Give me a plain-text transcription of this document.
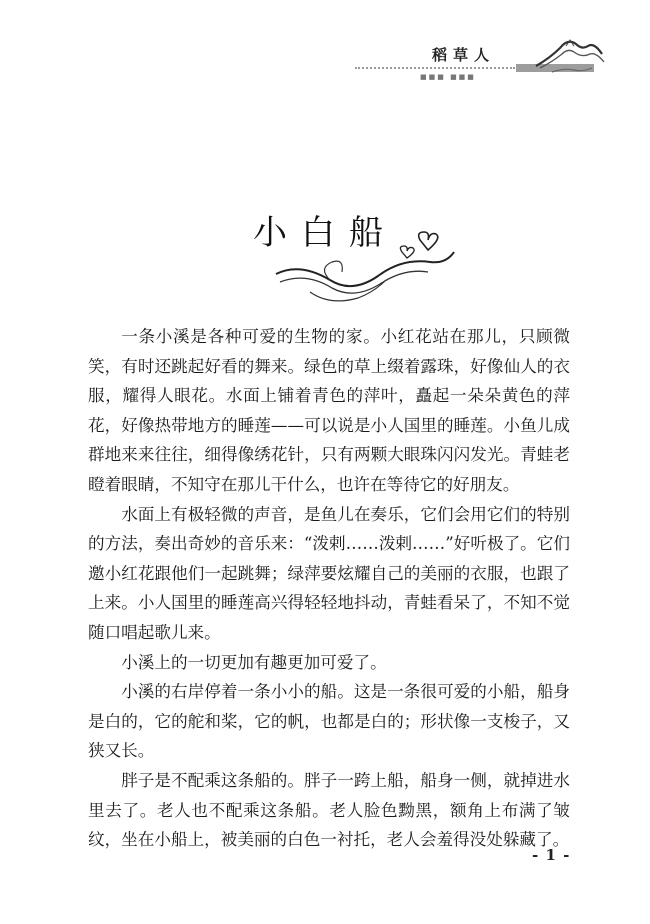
稻草人
■■■ ■■■
小白船

一条小溪是各种可爱的生物的家。小红花站在那儿，只顾微笑，有时还跳起好看的舞来。绿色的草上缀着露珠，好像仙人的衣服，耀得人眼花。水面上铺着青色的萍叶，矗起一朵朵黄色的萍花，好像热带地方的睡莲——可以说是小人国里的睡莲。小鱼儿成群地来来往往，细得像绣花针，只有两颗大眼珠闪闪发光。青蛙老瞪着眼睛，不知守在那儿干什么，也许在等待它的好朋友。

水面上有极轻微的声音，是鱼儿在奏乐，它们会用它们的特别的方法，奏出奇妙的音乐来：“泼剌……泼剌……”好听极了。它们邀小红花跟他们一起跳舞；绿萍要炫耀自己的美丽的衣服，也跟了上来。小人国里的睡莲高兴得轻轻地抖动，青蛙看呆了，不知不觉随口唱起歌儿来。

小溪上的一切更加有趣更加可爱了。

小溪的右岸停着一条小小的船。这是一条很可爱的小船，船身是白的，它的舵和桨，它的帆，也都是白的；形状像一支梭子，又狭又长。

胖子是不配乘这条船的。胖子一跨上船，船身一侧，就掉进水里去了。老人也不配乘这条船。老人脸色黝黑，额角上布满了皱纹，坐在小船上，被美丽的白色一衬托，老人会羞得没处躲藏了。

- 1 -
